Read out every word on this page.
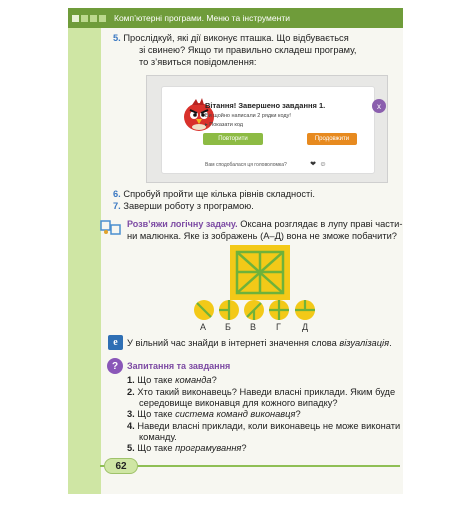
Комп’ютерні програми. Меню та інструменти
5. Прослідкуй, які дії виконує пташка. Що відбувається
зі свинею? Якщо ти правильно складеш програму,
то з’явиться повідомлення:
x
Вітання! Завершено завдання 1.
Ви щойно написали 2 рядки коду!
▸ Показати код
Повторити	Продовжити
Вам сподобалася ця головоломка?	❤ ☺
6. Спробуй пройти ще кілька рівнів складності.
7. Заверши роботу з програмою.
Розв’яжи логічну задачу. Оксана розглядає в лупу праві части-
ни малюнка. Яке із зображень (А–Д) вона не зможе побачити?
А Б В Г Д
e У вільний час знайди в інтернеті значення слова візуалізація.
? Запитання та завдання
1. Що таке команда?
2. Хто такий виконавець? Наведи власні приклади. Яким буде
середовище виконавця для кожного випадку?
3. Що таке система команд виконавця?
4. Наведи власні приклади, коли виконавець не може виконати
команду.
5. Що таке програмування?
62
